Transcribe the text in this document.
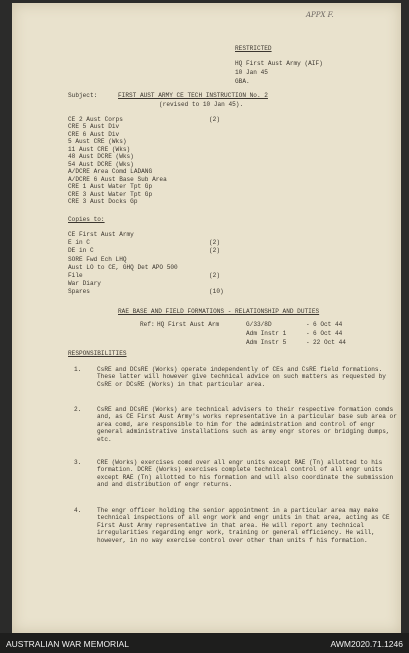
APPX F.
RESTRICTED
HQ First Aust Army (AIF)
10 Jan 45
GBA.
Subject:	FIRST AUST ARMY CE TECH INSTRUCTION No. 2
(revised to 10 Jan 45).
CE 2 Aust Corps	(2)
CRE 5 Aust Div
CRE 6 Aust Div
5 Aust CRE (Wks)
11 Aust CRE (Wks)
48 Aust DCRE (Wks)
54 Aust DCRE (Wks)
A/DCRE Area Comd LADANG
A/DCRE 6 Aust Base Sub Area
CRE 1 Aust Water Tpt Gp
CRE 3 Aust Water Tpt Gp
CRE 3 Aust Docks Gp
Copies to:
CE First Aust Army
E in C	(2)
DE in C	(2)
SORE Fwd Ech LHQ
Aust LO to CE, GHQ Det APO 500
File	(2)
War Diary
Spares	(10)
RAE BASE AND FIELD FORMATIONS - RELATIONSHIP AND DUTIES
Ref: HQ First Aust Arm	G/33/8D	- 6 Oct 44
Adm Instr 1	- 6 Oct 44
Adm Instr 5	- 22 Oct 44
RESPONSIBILITIES
1.	CsRE and DCsRE (Works) operate independently of CEs and CsRE field formations. These latter will however give technical advice on such matters as requested by CsRE or DCsRE (Works) in that particular area.
2.	CsRE and DCsRE (Works) are technical advisers to their respective formation comds and, as CE First Aust Army's works representative in a particular base sub area or area comd, are responsible to him for the administration and control of engr general administrative installations such as army engr stores or bridging dumps, etc.
3.	CRE (Works) exercises comd over all engr units except RAE (Tn) allotted to his formation. DCRE (Works) exercises complete technical control of all engr units except RAE (Tn) allotted to his formation and will also coordinate the submission and and distribution of engr returns.
4.	The engr officer holding the senior appointment in a particular area may make technical inspections of all engr work and engr units in that area, acting as CE First Aust Army representative in that area. He will report any technical irregularities regarding engr work, training or general efficiency. He will, however, in no way exercise control over other than units f his formation.
AUSTRALIAN WAR MEMORIAL	AWM2020.71.1246
